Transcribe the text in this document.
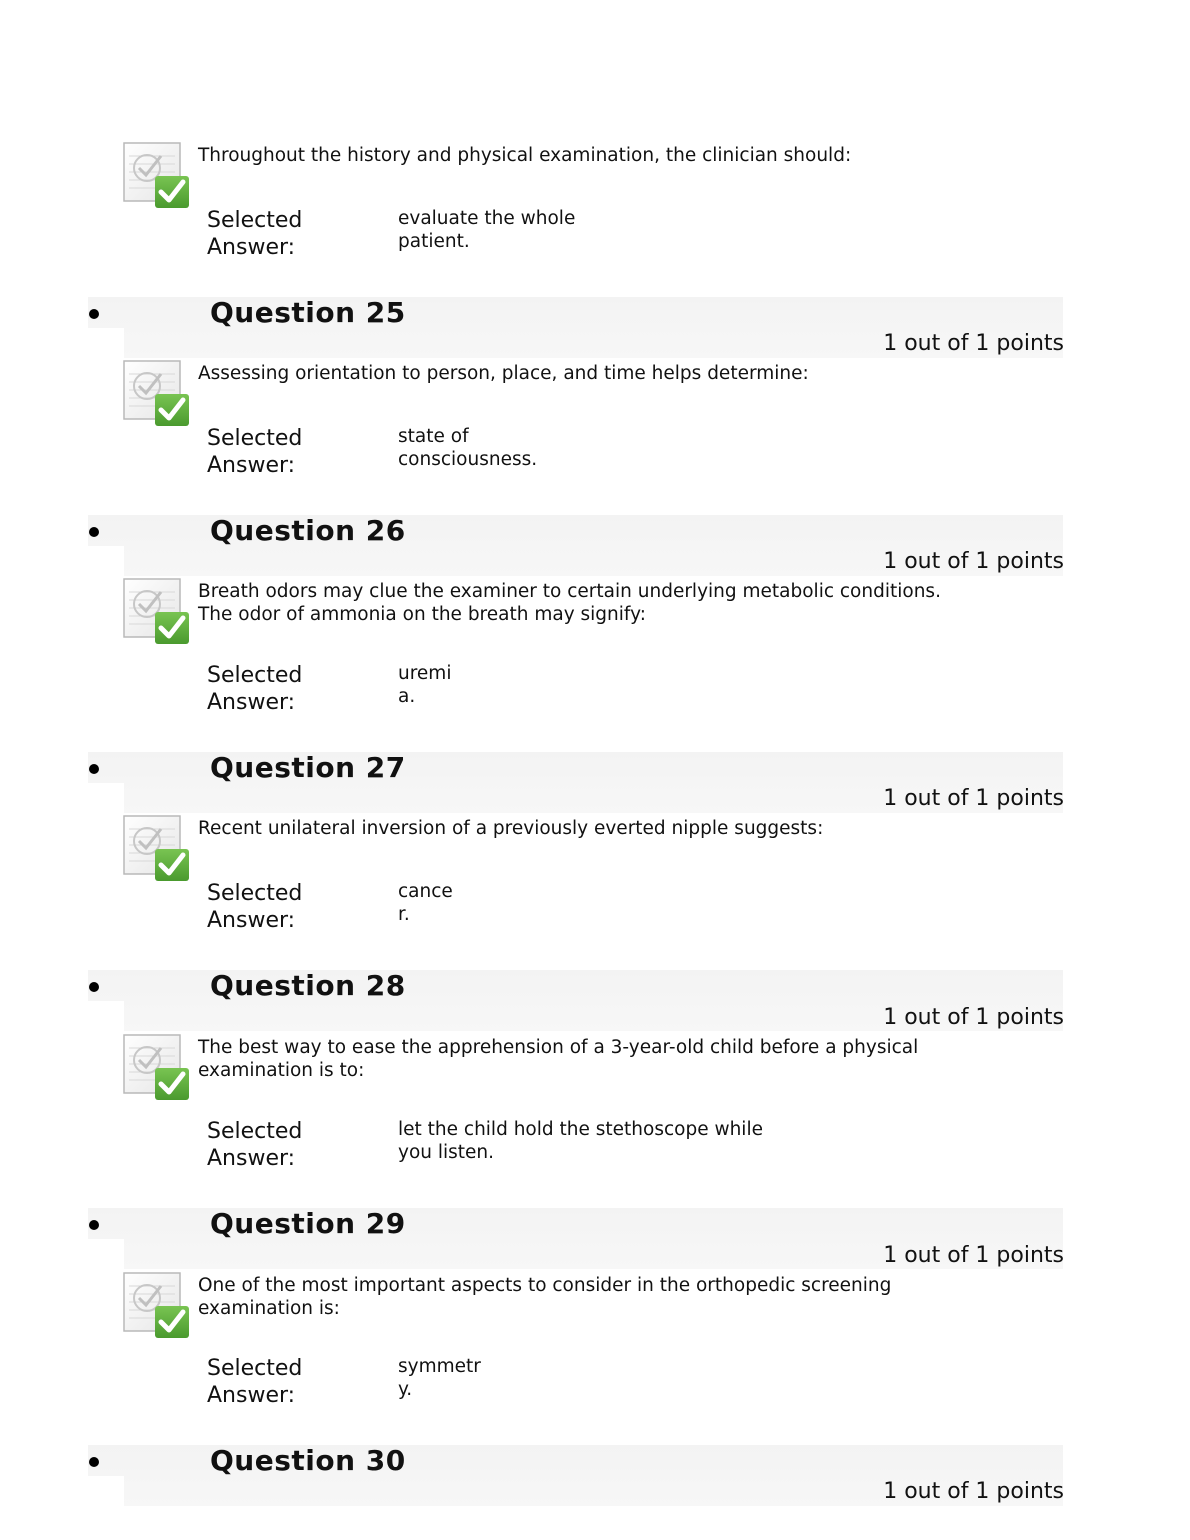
Throughout the history and physical examination, the clinician should:
Selected
Answer:
evaluate the whole
patient.
Question 25
1 out of 1 points
Assessing orientation to person, place, and time helps determine:
Selected
Answer:
state of
consciousness.
Question 26
1 out of 1 points
Breath odors may clue the examiner to certain underlying metabolic conditions.
The odor of ammonia on the breath may signify:
Selected
Answer:
uremi
a.
Question 27
1 out of 1 points
Recent unilateral inversion of a previously everted nipple suggests:
Selected
Answer:
cance
r.
Question 28
1 out of 1 points
The best way to ease the apprehension of a 3-year-old child before a physical
examination is to:
Selected
Answer:
let the child hold the stethoscope while
you listen.
Question 29
1 out of 1 points
One of the most important aspects to consider in the orthopedic screening
examination is:
Selected
Answer:
symmetr
y.
Question 30
1 out of 1 points
